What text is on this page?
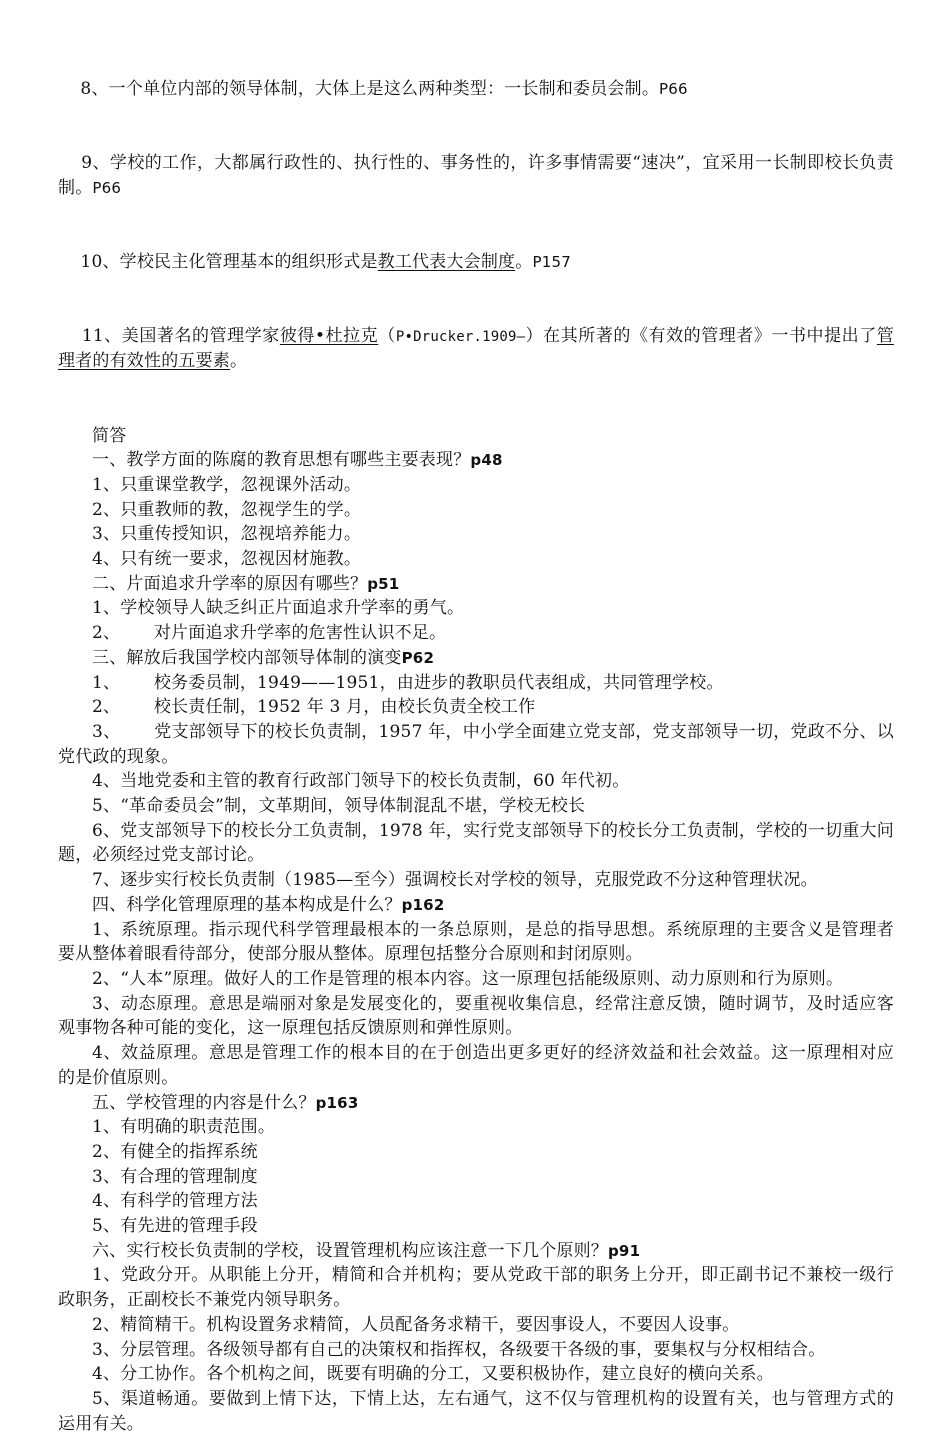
8、一个单位内部的领导体制，大体上是这么两种类型：一长制和委员会制。P66

9、学校的工作，大都属行政性的、执行性的、事务性的，许多事情需要“速决”，宜采用一长制即校长负责制。P66

10、学校民主化管理基本的组织形式是教工代表大会制度。P157

11、美国著名的管理学家彼得•杜拉克（P•Drucker.1909—）在其所著的《有效的管理者》一书中提出了管理者的有效性的五要素。

简答
一、教学方面的陈腐的教育思想有哪些主要表现？p48
1、只重课堂教学，忽视课外活动。
2、只重教师的教，忽视学生的学。
3、只重传授知识，忽视培养能力。
4、只有统一要求，忽视因材施教。
二、片面追求升学率的原因有哪些？p51
1、学校领导人缺乏纠正片面追求升学率的勇气。
2、      对片面追求升学率的危害性认识不足。
三、解放后我国学校内部领导体制的演变P62
1、      校务委员制，1949——1951，由进步的教职员代表组成，共同管理学校。
2、      校长责任制，1952 年 3 月，由校长负责全校工作
3、      党支部领导下的校长负责制，1957 年，中小学全面建立党支部，党支部领导一切，党政不分、以党代政的现象。
4、当地党委和主管的教育行政部门领导下的校长负责制，60 年代初。
5、“革命委员会”制，文革期间，领导体制混乱不堪，学校无校长
6、党支部领导下的校长分工负责制，1978 年，实行党支部领导下的校长分工负责制，学校的一切重大问题，必须经过党支部讨论。
7、逐步实行校长负责制（1985—至今）强调校长对学校的领导，克服党政不分这种管理状况。
四、科学化管理原理的基本构成是什么？p162
1、系统原理。指示现代科学管理最根本的一条总原则，是总的指导思想。系统原理的主要含义是管理者要从整体着眼看待部分，使部分服从整体。原理包括整分合原则和封闭原则。
2、“人本”原理。做好人的工作是管理的根本内容。这一原理包括能级原则、动力原则和行为原则。
3、动态原理。意思是端丽对象是发展变化的，要重视收集信息，经常注意反馈，随时调节，及时适应客观事物各种可能的变化，这一原理包括反馈原则和弹性原则。
4、效益原理。意思是管理工作的根本目的在于创造出更多更好的经济效益和社会效益。这一原理相对应的是价值原则。
五、学校管理的内容是什么？p163
1、有明确的职责范围。
2、有健全的指挥系统
3、有合理的管理制度
4、有科学的管理方法
5、有先进的管理手段
六、实行校长负责制的学校，设置管理机构应该注意一下几个原则？p91
1、党政分开。从职能上分开，精简和合并机构；要从党政干部的职务上分开，即正副书记不兼校一级行政职务，正副校长不兼党内领导职务。
2、精简精干。机构设置务求精简，人员配备务求精干，要因事设人，不要因人设事。
3、分层管理。各级领导都有自己的决策权和指挥权，各级要干各级的事，要集权与分权相结合。
4、分工协作。各个机构之间，既要有明确的分工，又要积极协作，建立良好的横向关系。
5、渠道畅通。要做到上情下达，下情上达，左右通气，这不仅与管理机构的设置有关，也与管理方式的运用有关。
